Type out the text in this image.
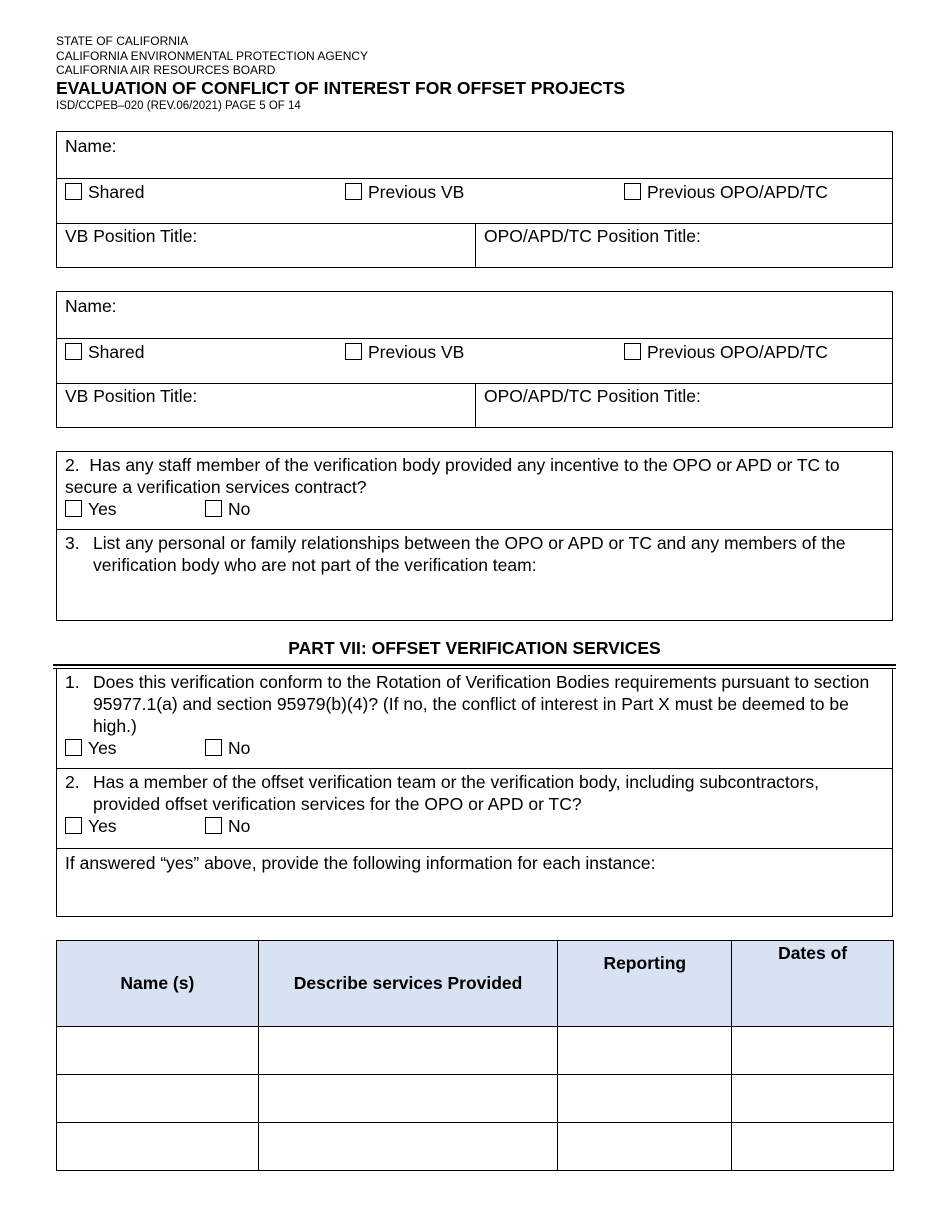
STATE OF CALIFORNIA
CALIFORNIA ENVIRONMENTAL PROTECTION AGENCY
CALIFORNIA AIR RESOURCES BOARD
EVALUATION OF CONFLICT OF INTEREST FOR OFFSET PROJECTS
ISD/CCPEB–020 (REV.06/2021) PAGE 5 OF 14
Name:
Shared	Previous VB	Previous OPO/APD/TC
VB Position Title:	OPO/APD/TC Position Title:
Name:
Shared	Previous VB	Previous OPO/APD/TC
VB Position Title:	OPO/APD/TC Position Title:
2. Has any staff member of the verification body provided any incentive to the OPO or APD or TC to secure a verification services contract?
Yes	No
3. List any personal or family relationships between the OPO or APD or TC and any members of the verification body who are not part of the verification team:
PART VII: OFFSET VERIFICATION SERVICES
1. Does this verification conform to the Rotation of Verification Bodies requirements pursuant to section 95977.1(a) and section 95979(b)(4)? (If no, the conflict of interest in Part X must be deemed to be high.)
Yes	No
2. Has a member of the offset verification team or the verification body, including subcontractors, provided offset verification services for the OPO or APD or TC?
Yes	No
If answered “yes” above, provide the following information for each instance:
Name (s)	Describe services Provided	Reporting	Dates of
